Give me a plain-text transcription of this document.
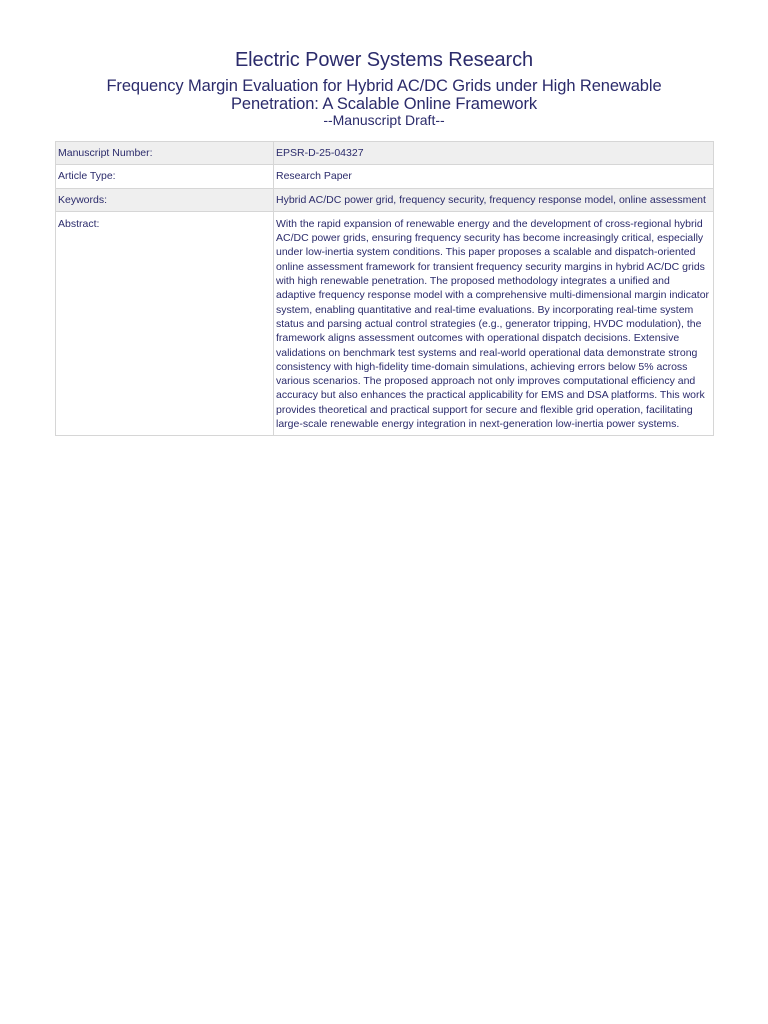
Electric Power Systems Research
Frequency Margin Evaluation for Hybrid AC/DC Grids under High Renewable Penetration: A Scalable Online Framework
--Manuscript Draft--
Manuscript Number:	EPSR-D-25-04327
Article Type:	Research Paper
Keywords:	Hybrid AC/DC power grid, frequency security, frequency response model, online assessment
Abstract:	With the rapid expansion of renewable energy and the development of cross-regional hybrid AC/DC power grids, ensuring frequency security has become increasingly critical, especially under low-inertia system conditions. This paper proposes a scalable and dispatch-oriented online assessment framework for transient frequency security margins in hybrid AC/DC grids with high renewable penetration. The proposed methodology integrates a unified and adaptive frequency response model with a comprehensive multi-dimensional margin indicator system, enabling quantitative and real-time evaluations. By incorporating real-time system status and parsing actual control strategies (e.g., generator tripping, HVDC modulation), the framework aligns assessment outcomes with operational dispatch decisions. Extensive validations on benchmark test systems and real-world operational data demonstrate strong consistency with high-fidelity time-domain simulations, achieving errors below 5% across various scenarios. The proposed approach not only improves computational efficiency and accuracy but also enhances the practical applicability for EMS and DSA platforms. This work provides theoretical and practical support for secure and flexible grid operation, facilitating large-scale renewable energy integration in next-generation low-inertia power systems.
